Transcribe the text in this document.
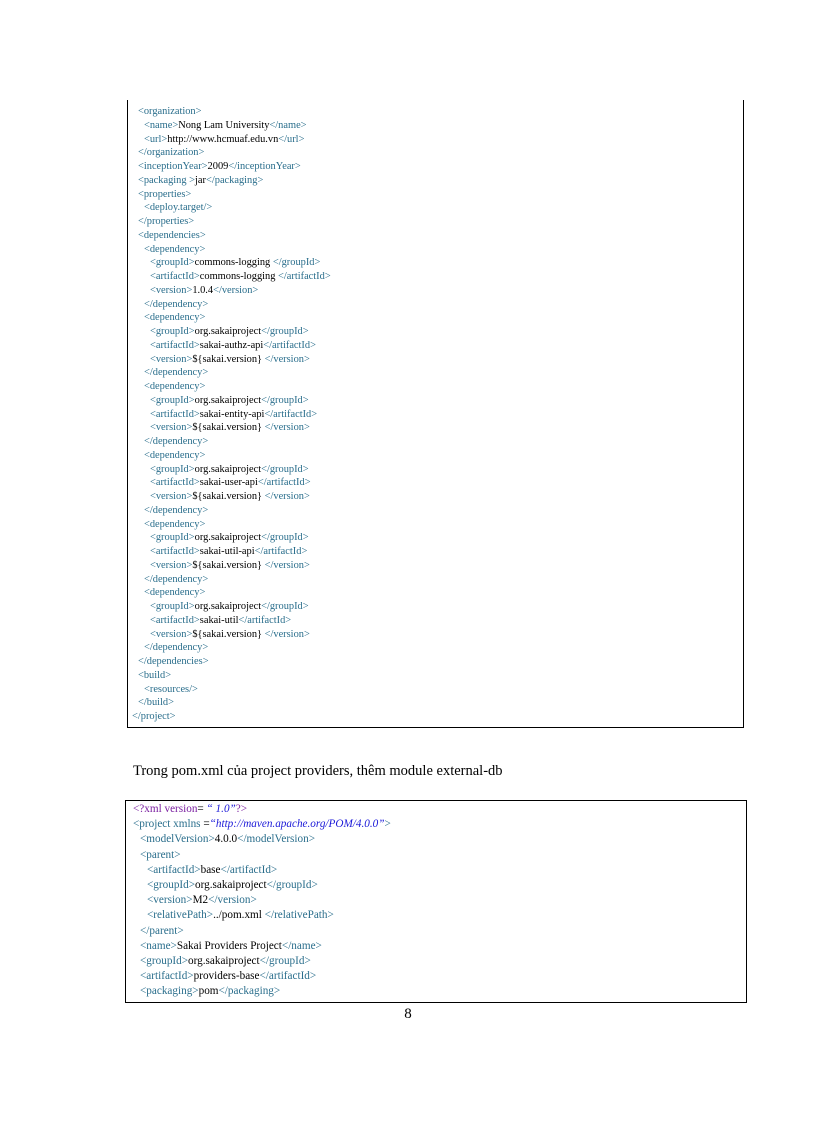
<organization>
<name>Nong Lam University</name>
<url>http://www.hcmuaf.edu.vn</url>
</organization>
<inceptionYear>2009</inceptionYear>
<packaging >jar</packaging>
<properties>
<deploy.target/>
</properties>
<dependencies>
<dependency>
<groupId>commons-logging </groupId>
<artifactId>commons-logging </artifactId>
<version>1.0.4</version>
</dependency>
<dependency>
<groupId>org.sakaiproject</groupId>
<artifactId>sakai-authz-api</artifactId>
<version>${sakai.version} </version>
</dependency>
<dependency>
<groupId>org.sakaiproject</groupId>
<artifactId>sakai-entity-api</artifactId>
<version>${sakai.version} </version>
</dependency>
<dependency>
<groupId>org.sakaiproject</groupId>
<artifactId>sakai-user-api</artifactId>
<version>${sakai.version} </version>
</dependency>
<dependency>
<groupId>org.sakaiproject</groupId>
<artifactId>sakai-util-api</artifactId>
<version>${sakai.version} </version>
</dependency>
<dependency>
<groupId>org.sakaiproject</groupId>
<artifactId>sakai-util</artifactId>
<version>${sakai.version} </version>
</dependency>
</dependencies>
<build>
<resources/>
</build>
</project>
Trong pom.xml của project providers, thêm module external-db
<?xml version= “ 1.0”?>
<project xmlns =“http://maven.apache.org/POM/4.0.0”>
<modelVersion>4.0.0</modelVersion>
<parent>
<artifactId>base</artifactId>
<groupId>org.sakaiproject</groupId>
<version>M2</version>
<relativePath>../pom.xml </relativePath>
</parent>
<name>Sakai Providers Project</name>
<groupId>org.sakaiproject</groupId>
<artifactId>providers-base</artifactId>
<packaging>pom</packaging>
8
